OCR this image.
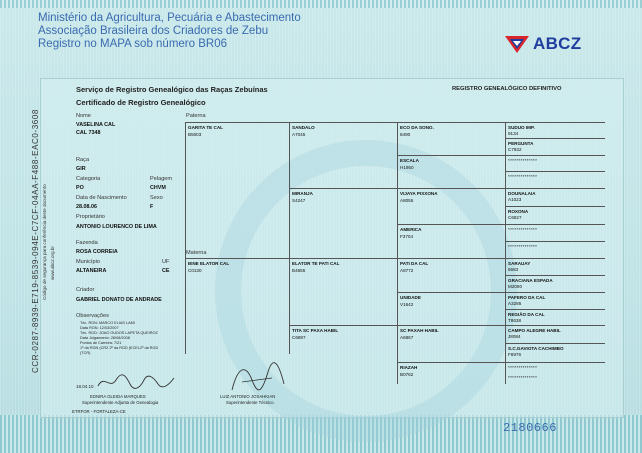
Ministério da Agricultura, Pecuária e Abastecimento
Associação Brasileira dos Criadores de Zebu
Registro no MAPA sob número BR06	ABCZ
Serviço de Registro Genealógico das Raças Zebuínas
Certificado de Registro Genealógico
REGISTRO GENEALÓGICO DEFINITIVO
CCR-0287-8939-E719-8539-094E-C7CF-04AA-F488-EAC0-3608 Código de segurança para conferência deste documento www.abcz.org.br
Nome
VASELINA CAL
CAL 7348
Raça
GIR
Categoria
PO
Pelagem
CHVM
Data de Nascimento
28.08.06
Sexo
F
Proprietário
ANTONIO LOURENCO DE LIMA
Fazenda
ROSA CORREIA
Município
ALTANEIRA
UF
CE
Criador
GABRIEL DONATO DE ANDRADE
Observações
Téc. RGN: MARCO ELIAS LAMI
Data RGN: 12/03/2007
Téc. RGD: JOAO OUDOS LAPETA QUEIROZ
Data Julgamento: 28/08/2008
Pontos de Carreira: 7/21
1º da RGN (CRZ 2º da RGD (ECEL2º da RGD
(TCR)
Paterna
Materna
GARITA TE CAL
B5003
IENE ELATOR CAL
C0130
SANDALO
A7045
MIRANJA
S4247
ELATOR TE PATI CAL
B4655
TITA SC PAXA HABIL
C6897
ECO DA SONO.
8490
ESCALA
H1950
VIJAYA PIXXONA
A8055
AMERICA
F3704
PATI DA CAL
A8772
UNIDADE
V1642
SC PAXAH HABIL
A6867
RIAZAH
B0762
SUDUO IMP.
9134
PERGUNTA
C7932
**************
**************
DOUNALAIA
A1023
ROXONA
C6827
**************
**************
SARAUAY
6683
GRACIANA ESPADA
M2090
PAFERO DA CAL
A3285
REGIÃO DA CAL
T8638
CAMPO ALEGRE HABIL
J8084
S.C.GAVIOTA CACHIMBO
F6976
**************
**************
18.04.10
EDNIRA GLEIDA MARQUES
Superintendente Adjunta de Genealogia
LUIZ ANTONIO JOSAHKIAN
Superintendente Técnico
ETRFOR - FORTALEZA-CE
2180666
